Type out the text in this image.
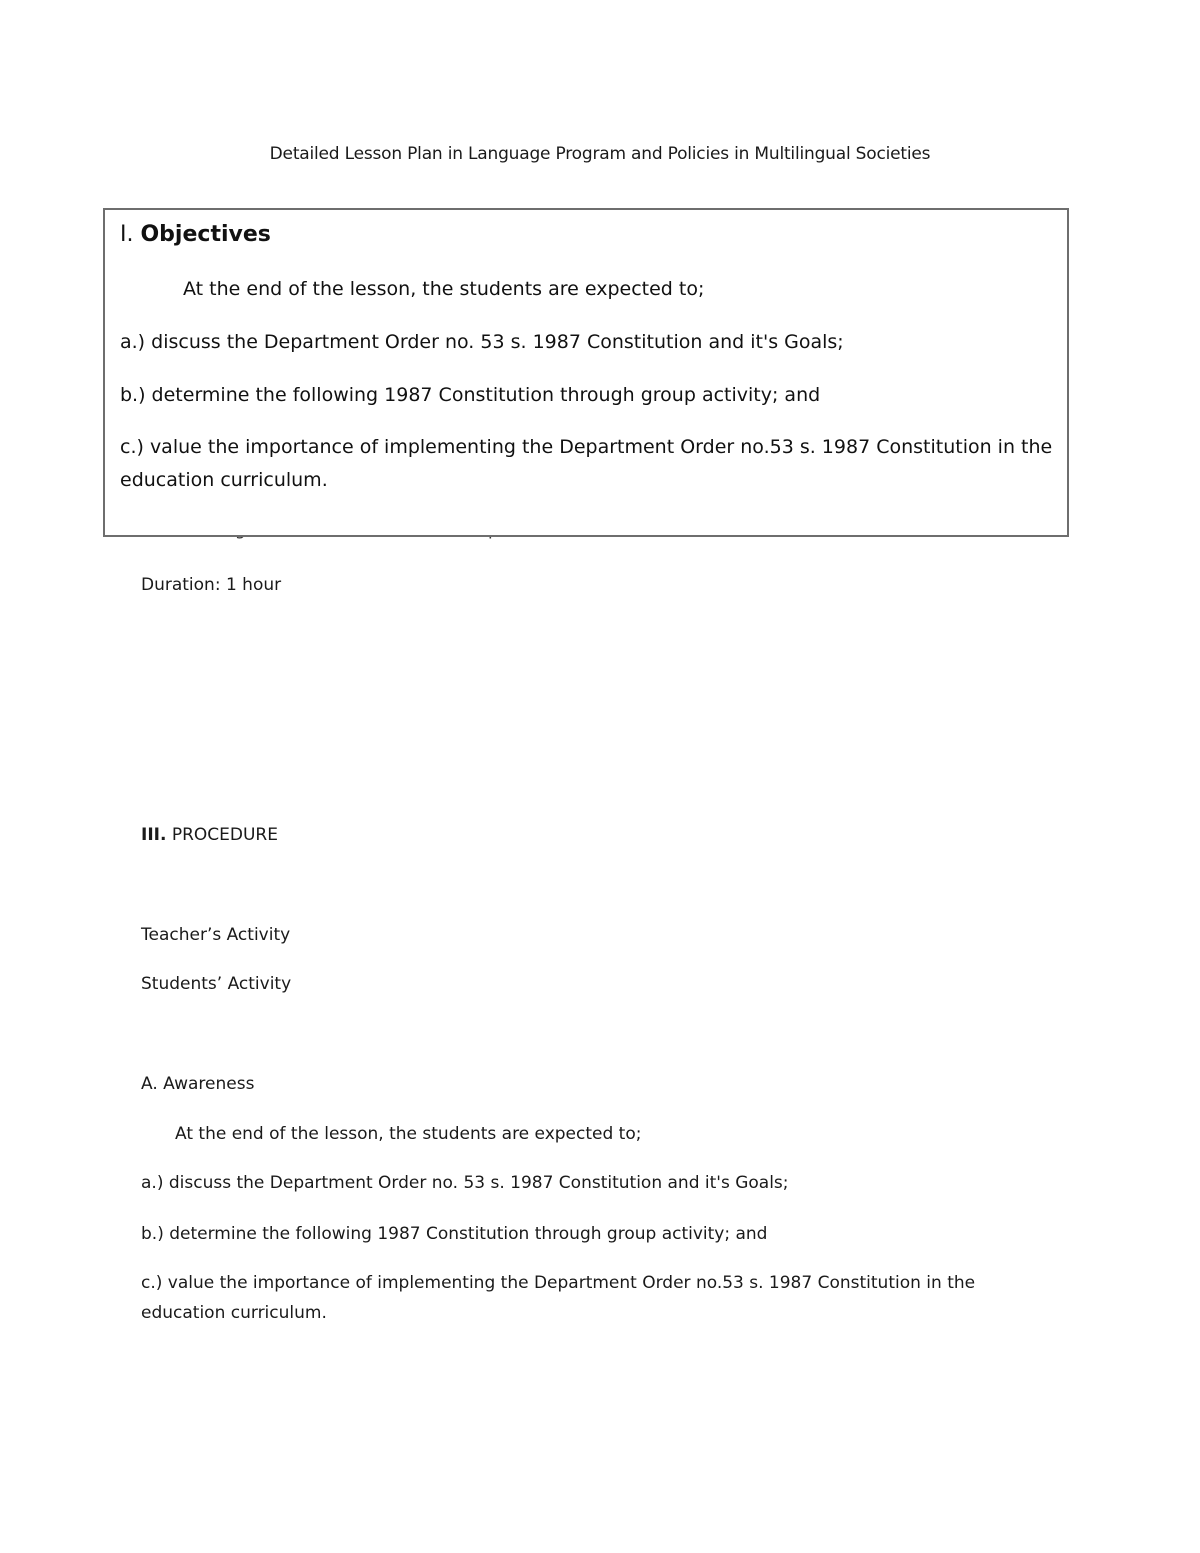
Detailed Lesson Plan in Language Program and Policies in Multilingual Societies
I. Objectives
At the end of the lesson, the students are expected to;
a.) discuss the Department Order no. 53 s. 1987 Constitution and it's Goals;
b.) determine the following 1987 Constitution through group activity; and
c.) value the importance of implementing the Department Order no.53 s. 1987 Constitution in the education curriculum.
Duration: 1 hour
III. PROCEDURE
Teacher’s Activity
Students’ Activity
A. Awareness
At the end of the lesson, the students are expected to;
a.) discuss the Department Order no. 53 s. 1987 Constitution and it's Goals;
b.) determine the following 1987 Constitution through group activity; and
c.) value the importance of implementing the Department Order no.53 s. 1987 Constitution in the education curriculum.
